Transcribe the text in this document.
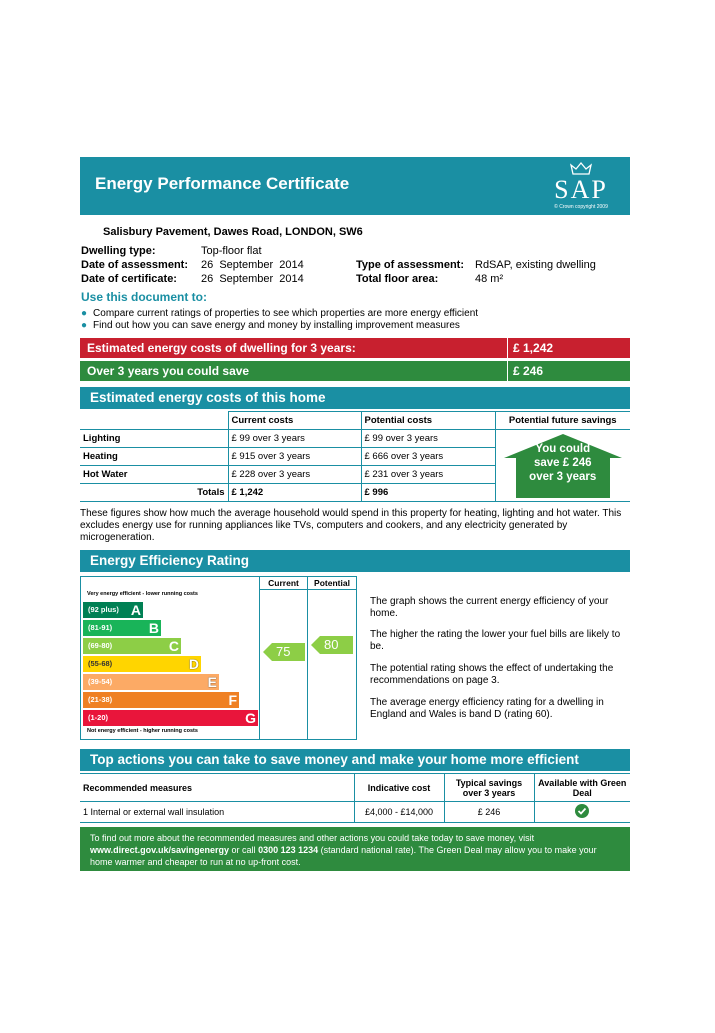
Energy Performance Certificate	SAP
© Crown copyright 2009
Salisbury Pavement, Dawes Road, LONDON, SW6
Dwelling type:	Top-floor flat
Date of assessment: 26  September  2014
Date of certificate: 26  September  2014
Type of assessment: RdSAP, existing dwelling
Total floor area:	48 m²
Use this document to:
● Compare current ratings of properties to see which properties are more energy efficient
● Find out how you can save energy and money by installing improvement measures
Estimated energy costs of dwelling for 3 years:	£ 1,242
Over 3 years you could save	£ 246
Estimated energy costs of this home
	Current costs	Potential costs	Potential future savings
Lighting	£ 99 over 3 years	£ 99 over 3 years	You could
save £ 246
over 3 years

Heating	£ 915 over 3 years	£ 666 over 3 years	
Hot Water	£ 228 over 3 years	£ 231 over 3 years	
Totals	£ 1,242	£ 996	
These figures show how much the average household would spend in this property for heating, lighting and hot water. This excludes energy use for running appliances like TVs, computers and cookers, and any electricity generated by microgeneration.
Energy Efficiency Rating
Current	Potential
Very energy efficient - lower running costs
(92 plus) A
(81-91)	B
(69-80)	C
(55-68)	D
(39-54)	E
(21-38)	F
(1-20)	G
Not energy efficient - higher running costs
75	80
The graph shows the current energy efficiency of your home.
The higher the rating the lower your fuel bills are likely to be.
The potential rating shows the effect of undertaking the recommendations on page 3.
The average energy efficiency rating for a dwelling in England and Wales is band D (rating 60).
Top actions you can take to save money and make your home more efficient
Recommended measures	Indicative cost	Typical savings over 3 years	Available with Green Deal
1 Internal or external wall insulation	£4,000 - £14,000	£ 246	
To find out more about the recommended measures and other actions you could take today to save money, visit
www.direct.gov.uk/savingenergy or call 0300 123 1234 (standard national rate). The Green Deal may allow you to make your home warmer and cheaper to run at no up-front cost.
